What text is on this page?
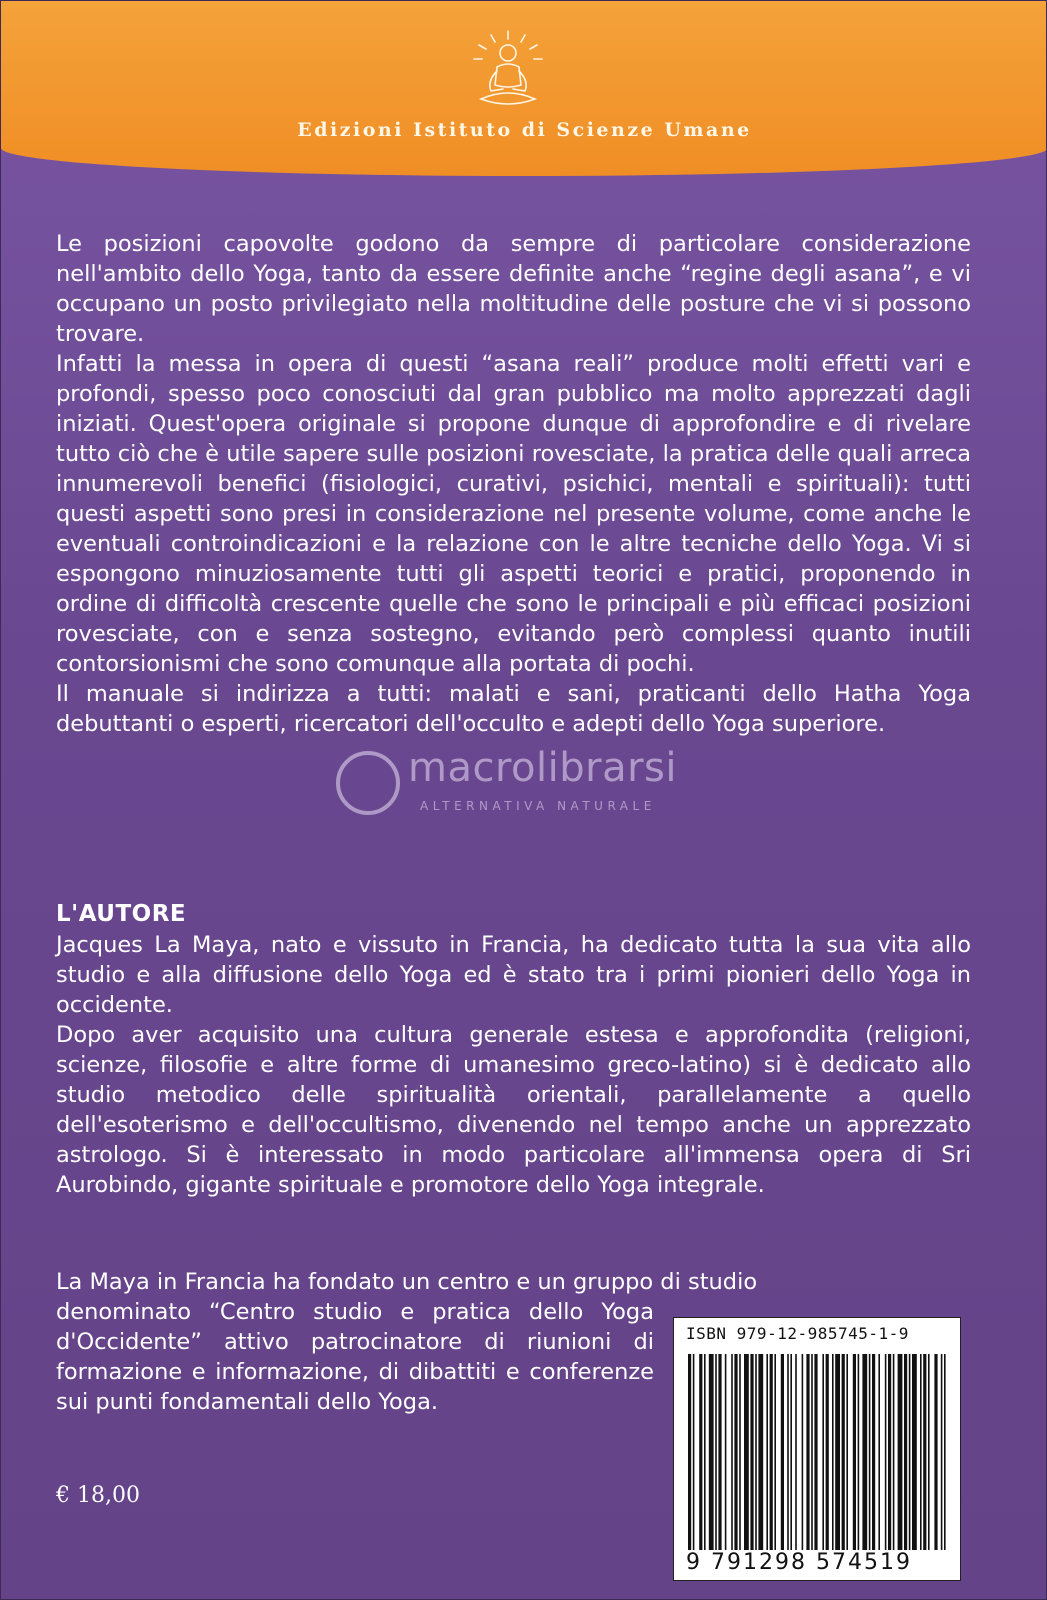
Edizioni Istituto di Scienze Umane

Le posizioni capovolte godono da sempre di particolare considerazione nell'ambito dello Yoga, tanto da essere definite anche “regine degli asana”, e vi occupano un posto privilegiato nella moltitudine delle posture che vi si possono trovare.

Infatti la messa in opera di questi “asana reali” produce molti effetti vari e profondi, spesso poco conosciuti dal gran pubblico ma molto apprezzati dagli iniziati. Quest'opera originale si propone dunque di approfondire e di rivelare tutto ciò che è utile sapere sulle posizioni rovesciate, la pratica delle quali arreca innumerevoli benefici (fisiologici, curativi, psichici, mentali e spirituali): tutti questi aspetti sono presi in considerazione nel presente volume, come anche le eventuali controindicazioni e la relazione con le altre tecniche dello Yoga. Vi si espongono minuziosamente tutti gli aspetti teorici e pratici, proponendo in ordine di difficoltà crescente quelle che sono le principali e più efficaci posizioni rovesciate, con e senza sostegno, evitando però complessi quanto inutili contorsionismi che sono comunque alla portata di pochi.

Il manuale si indirizza a tutti: malati e sani, praticanti dello Hatha Yoga debuttanti o esperti, ricercatori dell'occulto e adepti dello Yoga superiore.

macrolibrarsi
ALTERNATIVA NATURALE
L'AUTORE

Jacques La Maya, nato e vissuto in Francia, ha dedicato tutta la sua vita allo studio e alla diffusione dello Yoga ed è stato tra i primi pionieri dello Yoga in occidente.

Dopo aver acquisito una cultura generale estesa e approfondita (religioni, scienze, filosofie e altre forme di umanesimo greco-latino) si è dedicato allo studio metodico delle spiritualità orientali, parallelamente a quello dell'esoterismo e dell'occultismo, divenendo nel tempo anche un apprezzato astrologo. Si è interessato in modo particolare all'immensa opera di Sri Aurobindo, gigante spirituale e promotore dello Yoga integrale.

La Maya in Francia ha fondato un centro e un gruppo di studio

denominato “Centro studio e pratica dello Yoga d'Occidente” attivo patrocinatore di riunioni di formazione e informazione, di dibattiti e conferenze sui punti fondamentali dello Yoga.

ISBN 979-12-985745-1-9
9 791298 574519
€ 18,00
